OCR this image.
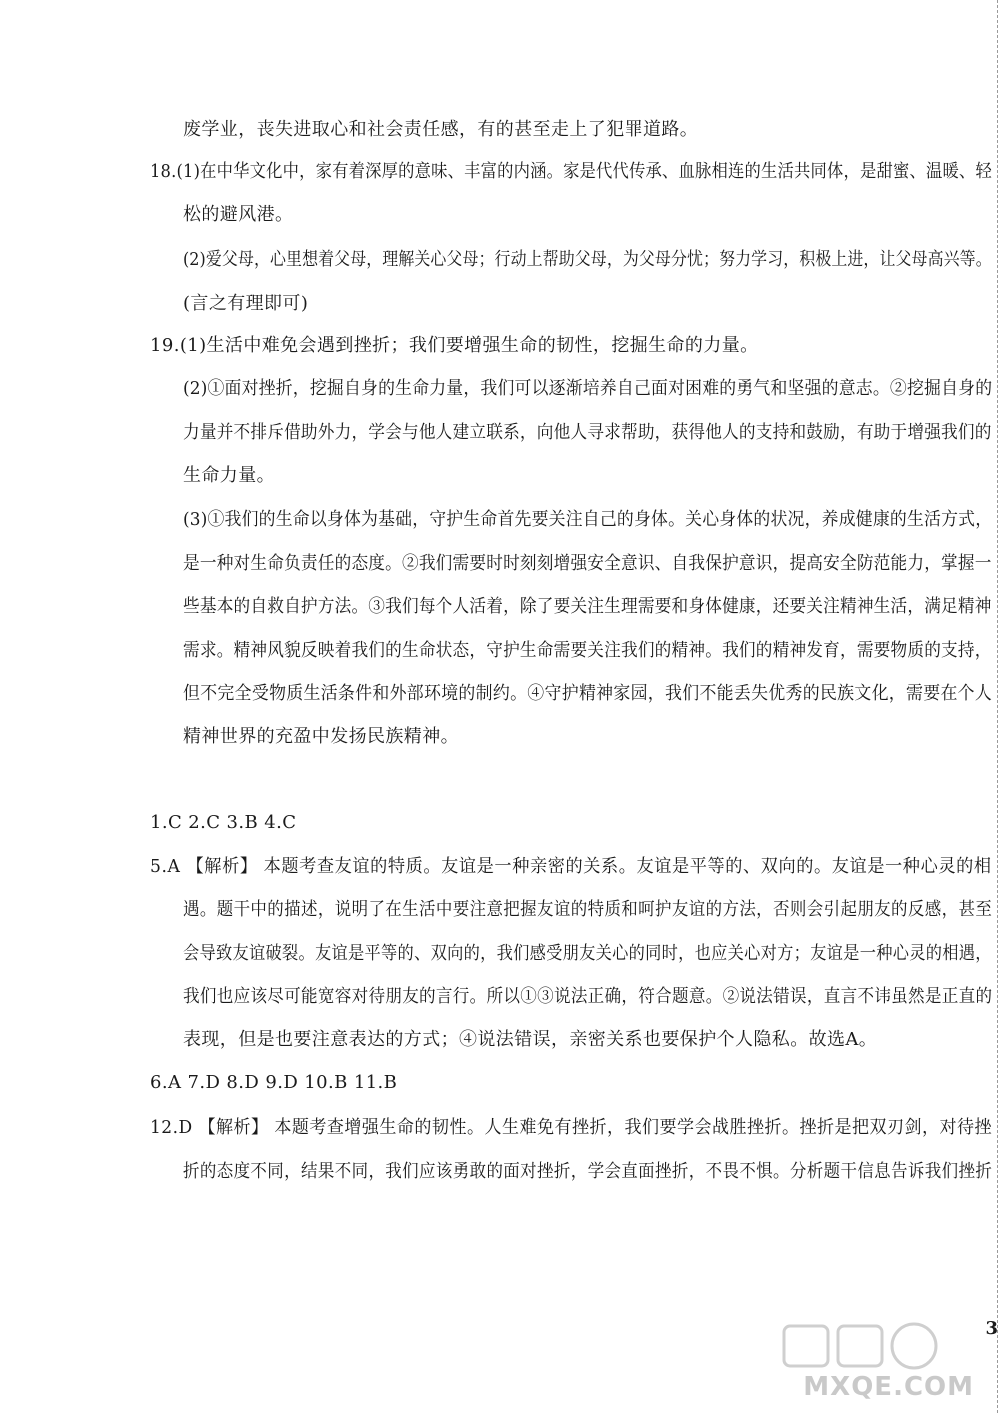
废学业，丧失进取心和社会责任感，有的甚至走上了犯罪道路。
18.(1)在中华文化中，家有着深厚的意味、丰富的内涵。家是代代传承、血脉相连的生活共同体，是甜蜜、温暖、轻
松的避风港。
(2)爱父母，心里想着父母，理解关心父母；行动上帮助父母，为父母分忧；努力学习，积极上进，让父母高兴等。
(言之有理即可)
19.(1)生活中难免会遇到挫折；我们要增强生命的韧性，挖掘生命的力量。
(2)①面对挫折，挖掘自身的生命力量，我们可以逐渐培养自己面对困难的勇气和坚强的意志。②挖掘自身的
力量并不排斥借助外力，学会与他人建立联系，向他人寻求帮助，获得他人的支持和鼓励，有助于增强我们的
生命力量。
(3)①我们的生命以身体为基础，守护生命首先要关注自己的身体。关心身体的状况，养成健康的生活方式，
是一种对生命负责任的态度。②我们需要时时刻刻增强安全意识、自我保护意识，提高安全防范能力，掌握一
些基本的自救自护方法。③我们每个人活着，除了要关注生理需要和身体健康，还要关注精神生活，满足精神
需求。精神风貌反映着我们的生命状态，守护生命需要关注我们的精神。我们的精神发育，需要物质的支持，
但不完全受物质生活条件和外部环境的制约。④守护精神家园，我们不能丢失优秀的民族文化，需要在个人
精神世界的充盈中发扬民族精神。
1.C 2.C 3.B 4.C
5.A 【解析】 本题考查友谊的特质。友谊是一种亲密的关系。友谊是平等的、双向的。友谊是一种心灵的相
遇。题干中的描述，说明了在生活中要注意把握友谊的特质和呵护友谊的方法，否则会引起朋友的反感，甚至
会导致友谊破裂。友谊是平等的、双向的，我们感受朋友关心的同时，也应关心对方；友谊是一种心灵的相遇，
我们也应该尽可能宽容对待朋友的言行。所以①③说法正确，符合题意。②说法错误，直言不讳虽然是正直的
表现，但是也要注意表达的方式；④说法错误，亲密关系也要保护个人隐私。故选A。
6.A 7.D 8.D 9.D 10.B 11.B
12.D 【解析】 本题考查增强生命的韧性。人生难免有挫折，我们要学会战胜挫折。挫折是把双刃剑，对待挫
折的态度不同，结果不同，我们应该勇敢的面对挫折，学会直面挫折，不畏不惧。分析题干信息告诉我们挫折
MXQE.COM
3
